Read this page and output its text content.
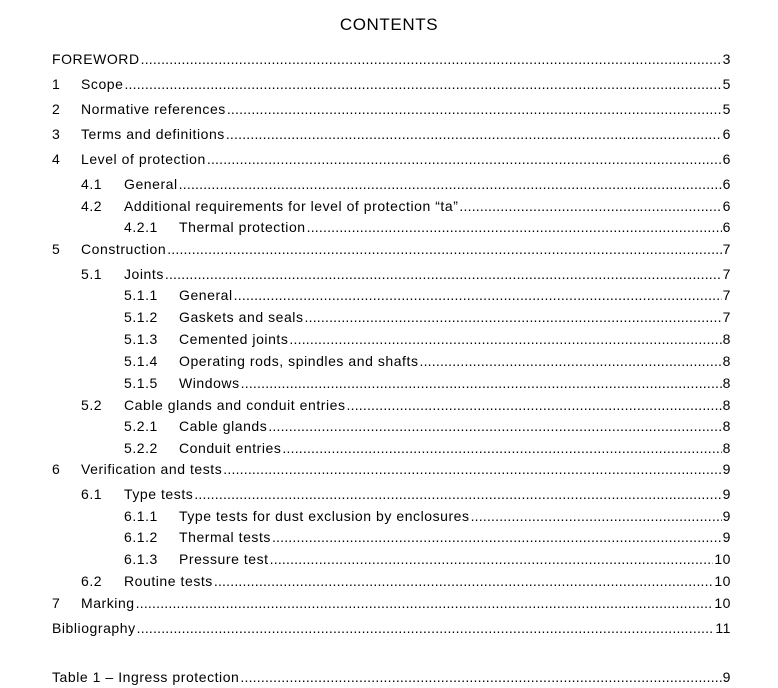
CONTENTS
FOREWORD .....	3
1	Scope .....	5
2	Normative references .....	5
3	Terms and definitions .....	6
4	Level of protection .....	6
4.1	General .....	6
4.2	Additional requirements for level of protection “ta” .....	6
4.2.1	Thermal protection .....	6
5	Construction .....	7
5.1	Joints .....	7
5.1.1	General .....	7
5.1.2	Gaskets and seals .....	7
5.1.3	Cemented joints .....	8
5.1.4	Operating rods, spindles and shafts .....	8
5.1.5	Windows .....	8
5.2	Cable glands and conduit entries .....	8
5.2.1	Cable glands .....	8
5.2.2	Conduit entries .....	8
6	Verification and tests .....	9
6.1	Type tests .....	9
6.1.1	Type tests for dust exclusion by enclosures .....	9
6.1.2	Thermal tests .....	9
6.1.3	Pressure test .....	10
6.2	Routine tests .....	10
7	Marking .....	10
Bibliography .....	11
Table 1 – Ingress protection .....	9
